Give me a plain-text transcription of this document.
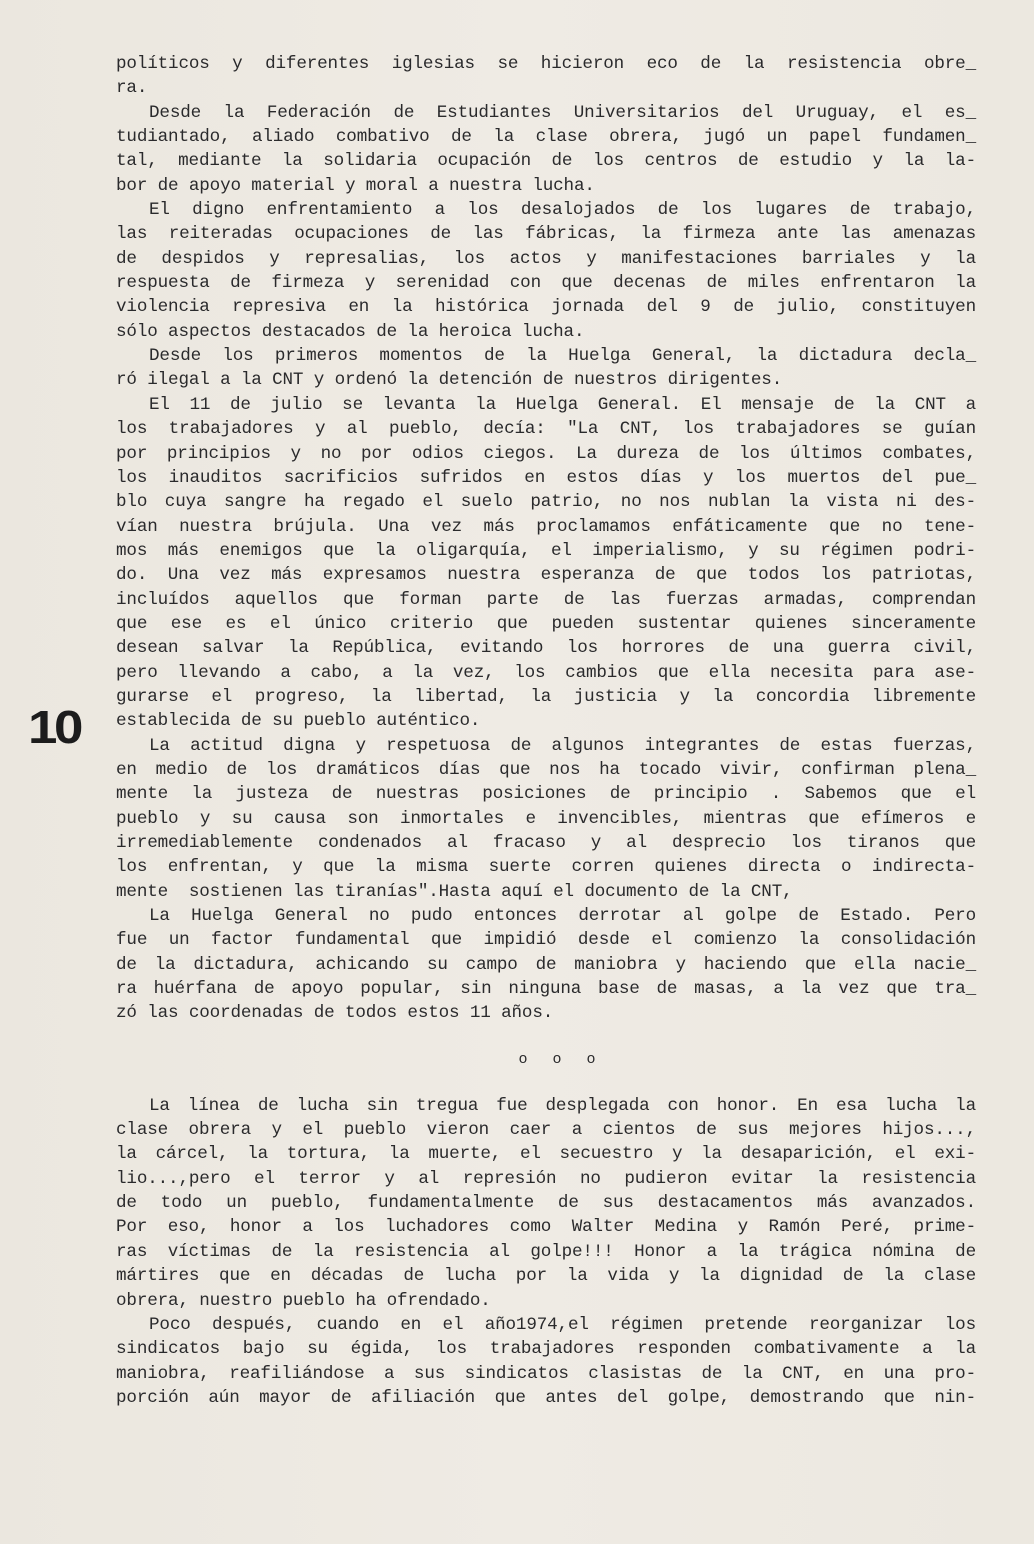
10
políticos y diferentes iglesias se hicieron eco de la resistencia obre_
ra.
Desde la Federación de Estudiantes Universitarios del Uruguay, el es_
tudiantado, aliado combativo de la clase obrera, jugó un papel fundamen_
tal, mediante la solidaria ocupación de los centros de estudio y la la-
bor de apoyo material y moral a nuestra lucha.
El digno enfrentamiento a los desalojados de los lugares de trabajo,
las reiteradas ocupaciones de las fábricas, la firmeza ante las amenazas
de despidos y represalias, los actos y manifestaciones barriales y la
respuesta de firmeza y serenidad con que decenas de miles enfrentaron la
violencia represiva en la histórica jornada del 9 de julio, constituyen
sólo aspectos destacados de la heroica lucha.
Desde los primeros momentos de la Huelga General, la dictadura decla_
ró ilegal a la CNT y ordenó la detención de nuestros dirigentes.
El 11 de julio se levanta la Huelga General. El mensaje de la CNT a
los trabajadores y al pueblo, decía: "La CNT, los trabajadores se guían
por principios y no por odios ciegos. La dureza de los últimos combates,
los inauditos sacrificios sufridos en estos días y los muertos del pue_
blo cuya sangre ha regado el suelo patrio, no nos nublan la vista ni des-
vían nuestra brújula. Una vez más proclamamos enfáticamente que no tene-
mos más enemigos que la oligarquía, el imperialismo, y su régimen podri-
do. Una vez más expresamos nuestra esperanza de que todos los patriotas,
incluídos aquellos que forman parte de las fuerzas armadas, comprendan
que ese es el único criterio que pueden sustentar quienes sinceramente
desean salvar la República, evitando los horrores de una guerra civil,
pero llevando a cabo, a la vez, los cambios que ella necesita para ase-
gurarse el progreso, la libertad, la justicia y la concordia libremente
establecida de su pueblo auténtico.
La actitud digna y respetuosa de algunos integrantes de estas fuerzas,
en medio de los dramáticos días que nos ha tocado vivir, confirman plena_
mente la justeza de nuestras posiciones de principio . Sabemos que el
pueblo y su causa son inmortales e invencibles, mientras que efímeros e
irremediablemente condenados al fracaso y al desprecio los tiranos que
los enfrentan, y que la misma suerte corren quienes directa o indirecta-
mente  sostienen las tiranías".Hasta aquí el documento de la CNT,
La Huelga General no pudo entonces derrotar al golpe de Estado. Pero
fue un factor fundamental que impidió desde el comienzo la consolidación
de la dictadura, achicando su campo de maniobra y haciendo que ella nacie_
ra huérfana de apoyo popular, sin ninguna base de masas, a la vez que tra_
zó las coordenadas de todos estos 11 años.
o o o
La línea de lucha sin tregua fue desplegada con honor. En esa lucha la
clase obrera y el pueblo vieron caer a cientos de sus mejores hijos...,
la cárcel, la tortura, la muerte, el secuestro y la desaparición, el exi-
lio...,pero el terror y al represión no pudieron evitar la resistencia
de todo un pueblo, fundamentalmente de sus destacamentos más avanzados.
Por eso, honor a los luchadores como Walter Medina y Ramón Peré, prime-
ras víctimas de la resistencia al golpe!!! Honor a la trágica nómina de
mártires que en décadas de lucha por la vida y la dignidad de la clase
obrera, nuestro pueblo ha ofrendado.
Poco después, cuando en el año1974,el régimen pretende reorganizar los
sindicatos bajo su égida, los trabajadores responden combativamente a la
maniobra, reafiliándose a sus sindicatos clasistas de la CNT, en una pro-
porción aún mayor de afiliación que antes del golpe, demostrando que nin-
